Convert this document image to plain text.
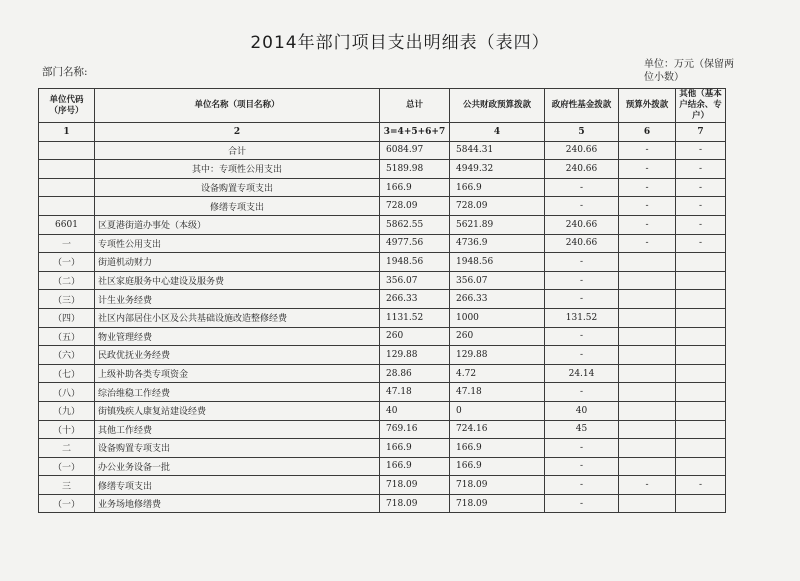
2014年部门项目支出明细表（表四）
部门名称:
单位：万元（保留两位小数）
单位代码（序号）	单位名称（项目名称）	总计	公共财政预算拨款	政府性基金拨款	预算外拨款	其他（基本户结余、专户）
1	2	3=4+5+6+7	4	5	6	7
	合计	6084.97	5844.31	240.66	-	-
	其中：专项性公用支出	5189.98	4949.32	240.66	-	-
	设备购置专项支出	166.9	166.9	-	-	-
	修缮专项支出	728.09	728.09	-	-	-
6601	区夏港街道办事处（本级）	5862.55	5621.89	240.66	-	-
一	专项性公用支出	4977.56	4736.9	240.66	-	-
（一）	街道机动财力	1948.56	1948.56	-		
（二）	社区家庭服务中心建设及服务费	356.07	356.07	-		
（三）	计生业务经费	266.33	266.33	-		
（四）	社区内部居住小区及公共基础设施改造整修经费	1131.52	1000	131.52		
（五）	物业管理经费	260	260	-		
（六）	民政优抚业务经费	129.88	129.88	-		
（七）	上级补助各类专项资金	28.86	4.72	24.14		
（八）	综治维稳工作经费	47.18	47.18	-		
（九）	街镇残疾人康复站建设经费	40	0	40		
（十）	其他工作经费	769.16	724.16	45		
二	设备购置专项支出	166.9	166.9	-		
（一）	办公业务设备一批	166.9	166.9	-		
三	修缮专项支出	718.09	718.09	-	-	-
（一）	业务场地修缮费	718.09	718.09	-		
